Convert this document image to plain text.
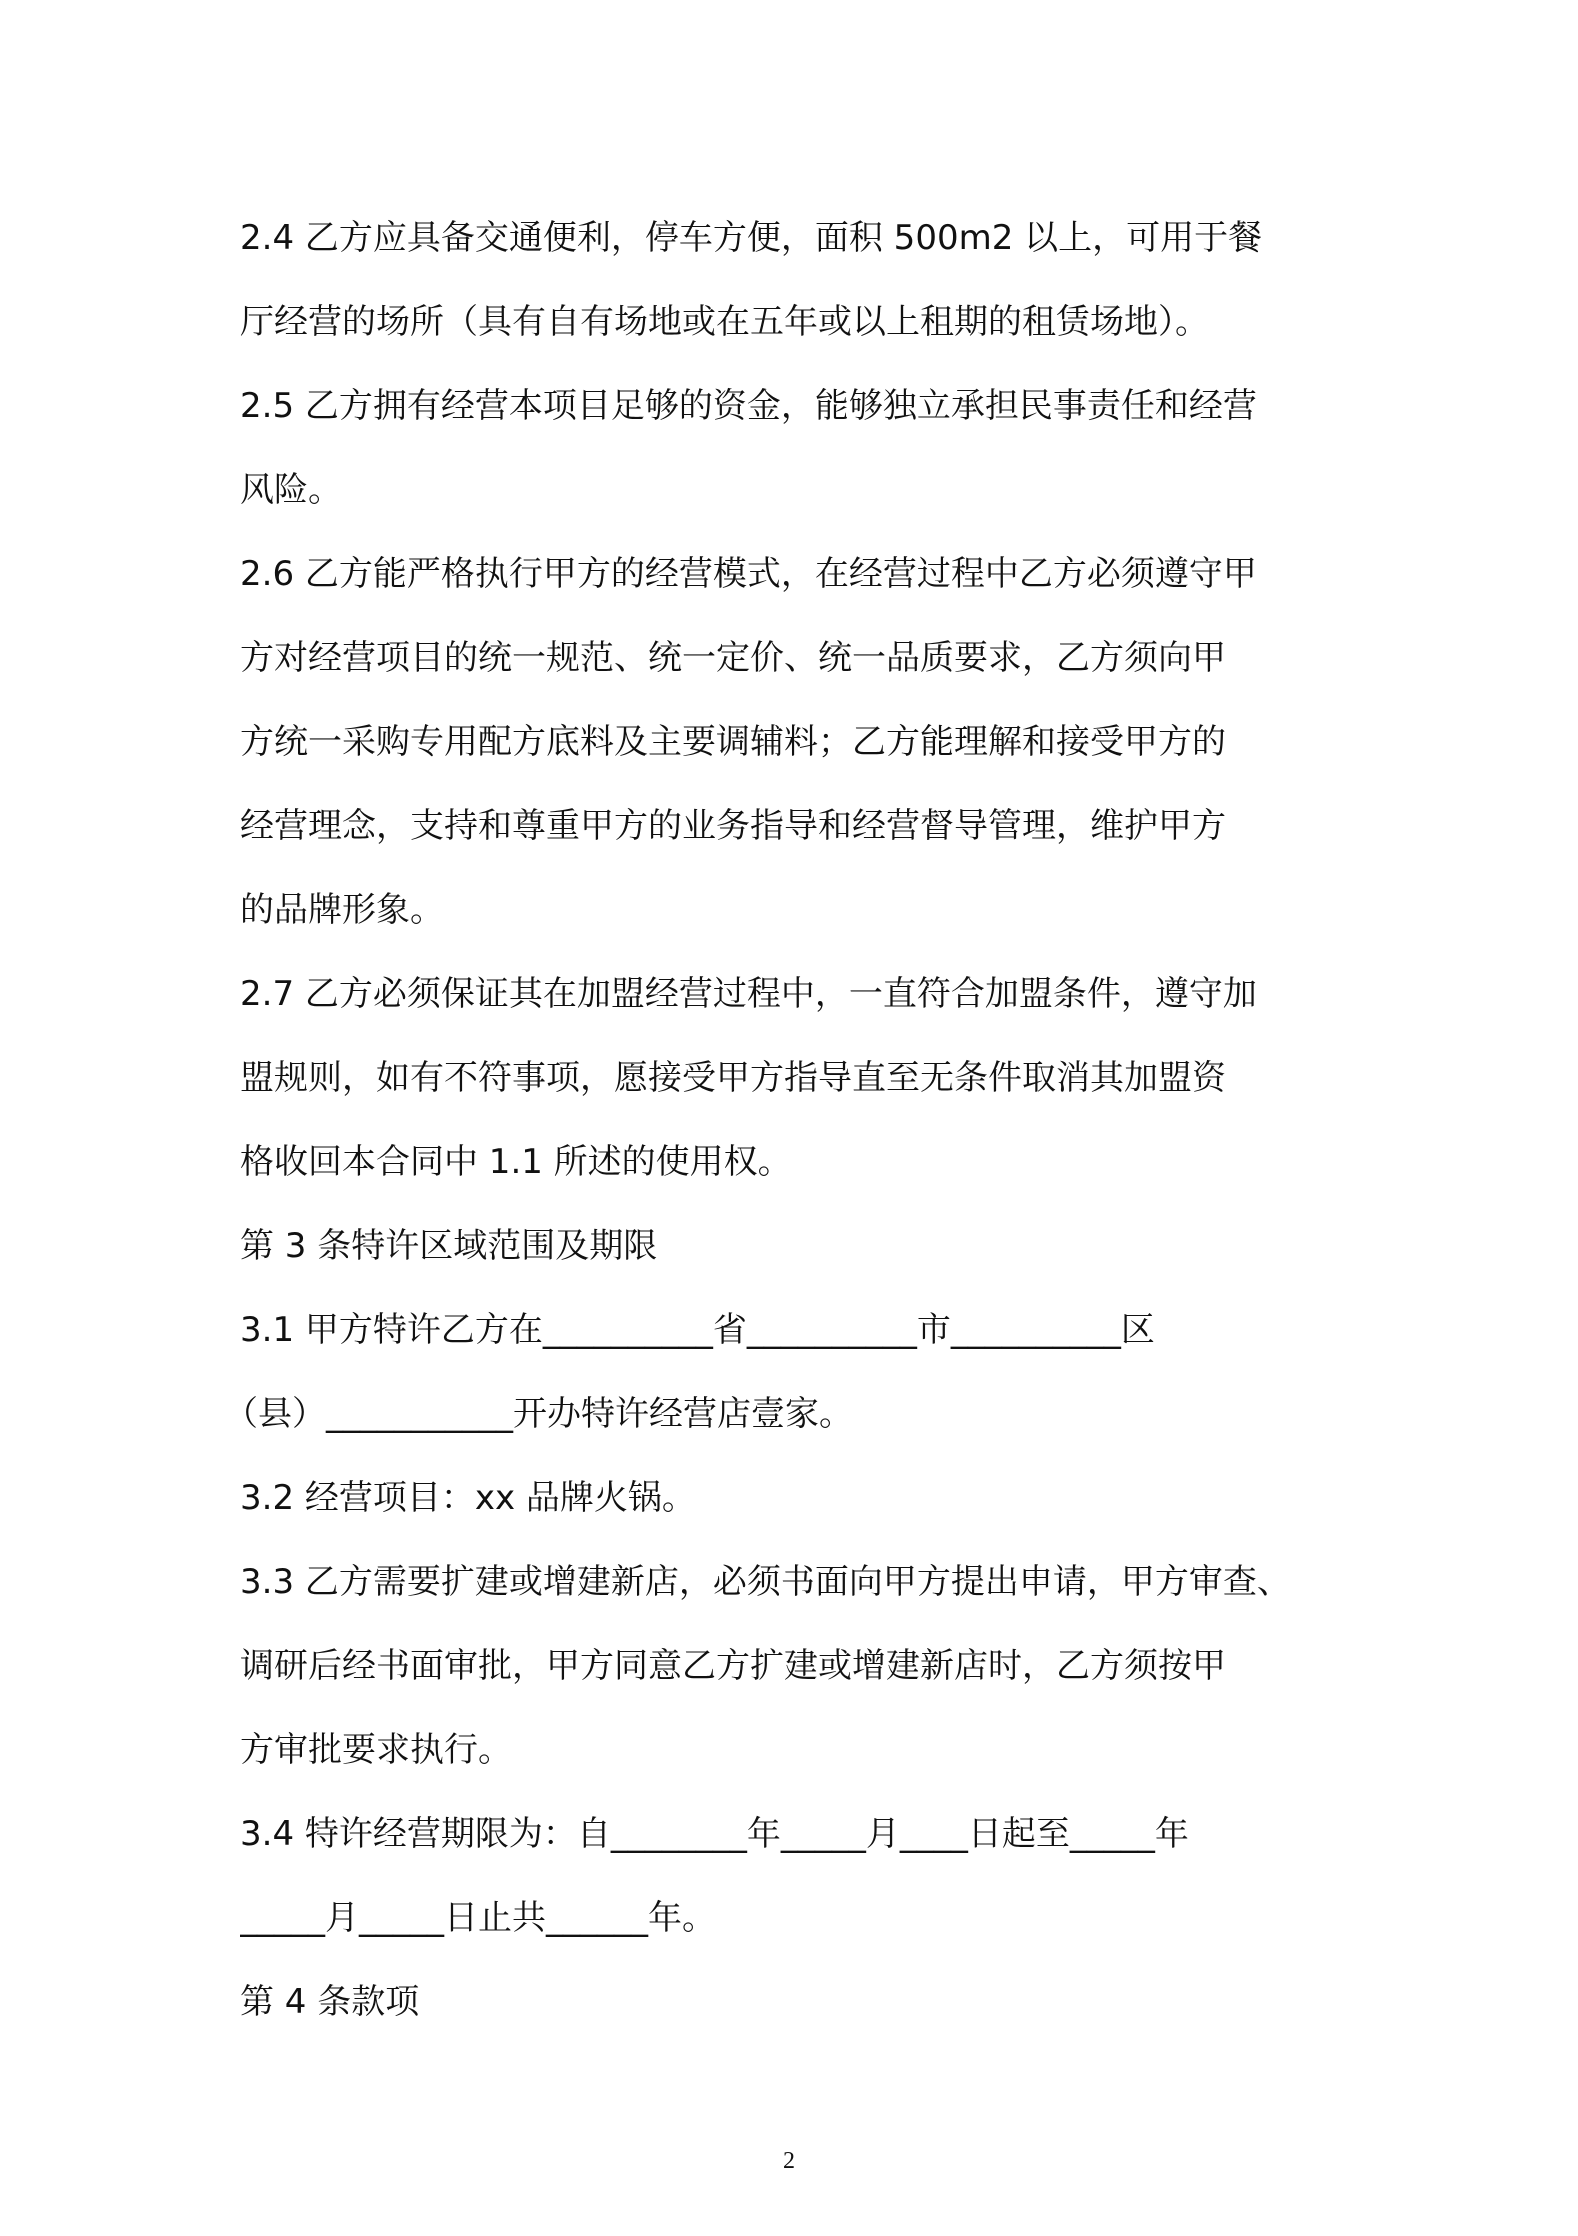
2.4 乙方应具备交通便利，停车方便，面积 500m2 以上，可用于餐
厅经营的场所（具有自有场地或在五年或以上租期的租赁场地）。
2.5 乙方拥有经营本项目足够的资金，能够独立承担民事责任和经营
风险。
2.6 乙方能严格执行甲方的经营模式，在经营过程中乙方必须遵守甲
方对经营项目的统一规范、统一定价、统一品质要求，乙方须向甲
方统一采购专用配方底料及主要调辅料；乙方能理解和接受甲方的
经营理念，支持和尊重甲方的业务指导和经营督导管理，维护甲方
的品牌形象。
2.7 乙方必须保证其在加盟经营过程中，一直符合加盟条件，遵守加
盟规则，如有不符事项，愿接受甲方指导直至无条件取消其加盟资
格收回本合同中 1.1 所述的使用权。
第 3 条特许区域范围及期限
3.1 甲方特许乙方在__________省__________市__________区
（县）___________开办特许经营店壹家。
3.2 经营项目：xx 品牌火锅。
3.3 乙方需要扩建或增建新店，必须书面向甲方提出申请，甲方审查、
调研后经书面审批，甲方同意乙方扩建或增建新店时，乙方须按甲
方审批要求执行。
3.4 特许经营期限为：自________年_____月____日起至_____年
_____月_____日止共______年。
第 4 条款项
2
